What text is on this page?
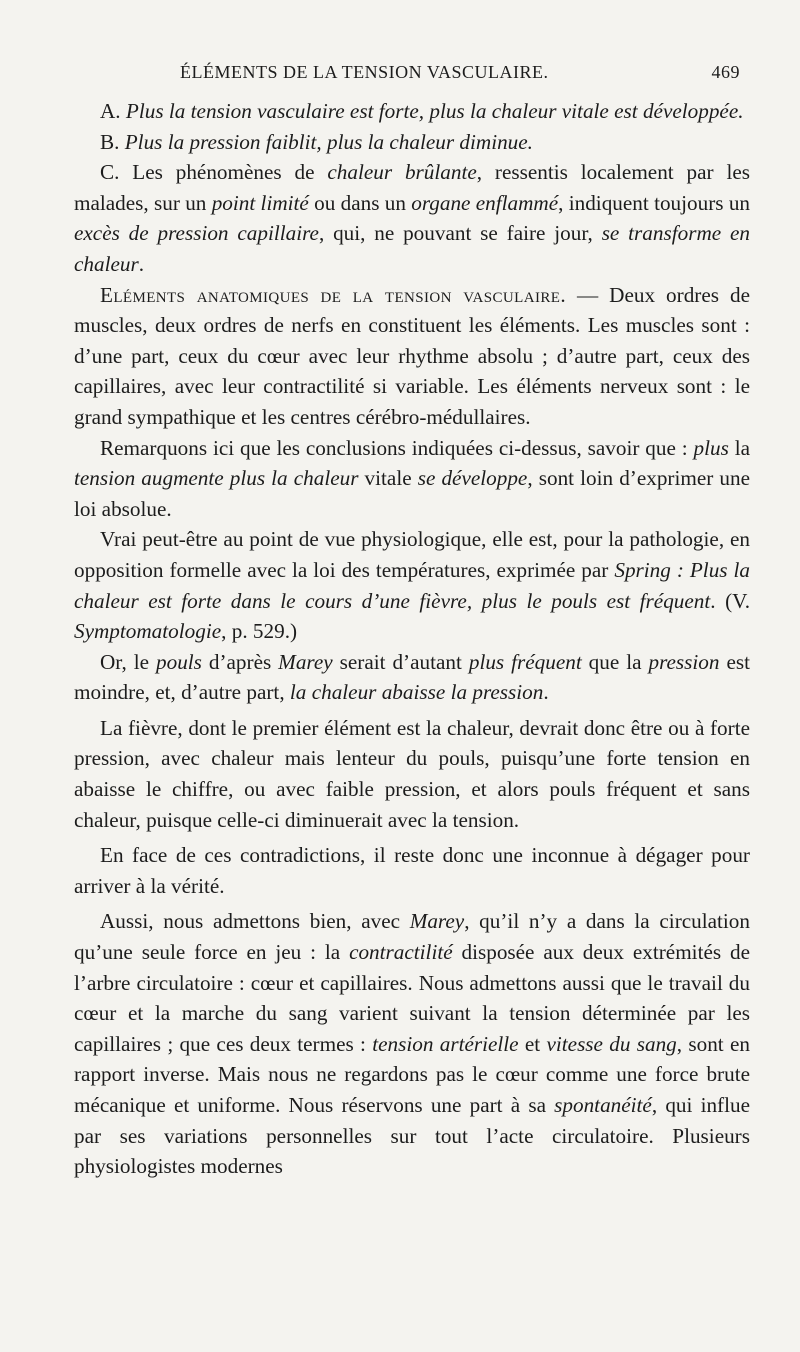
ÉLÉMENTS DE LA TENSION VASCULAIRE.	469

A. Plus la tension vasculaire est forte, plus la chaleur vitale est développée.

B. Plus la pression faiblit, plus la chaleur diminue.

C. Les phénomènes de chaleur brûlante, ressentis localement par les malades, sur un point limité ou dans un organe enflammé, indiquent toujours un excès de pression capillaire, qui, ne pouvant se faire jour, se transforme en chaleur.

Eléments anatomiques de la tension vasculaire. — Deux ordres de muscles, deux ordres de nerfs en constituent les éléments. Les muscles sont : d’une part, ceux du cœur avec leur rhythme absolu ; d’autre part, ceux des capillaires, avec leur contractilité si variable. Les éléments nerveux sont : le grand sympathique et les centres cérébro-médullaires.

Remarquons ici que les conclusions indiquées ci-dessus, savoir que : plus la tension augmente plus la chaleur vitale se développe, sont loin d’exprimer une loi absolue.

Vrai peut-être au point de vue physiologique, elle est, pour la pathologie, en opposition formelle avec la loi des températures, exprimée par Spring : Plus la chaleur est forte dans le cours d’une fièvre, plus le pouls est fréquent. (V. Symptomatologie, p. 529.)

Or, le pouls d’après Marey serait d’autant plus fréquent que la pression est moindre, et, d’autre part, la chaleur abaisse la pression.

La fièvre, dont le premier élément est la chaleur, devrait donc être ou à forte pression, avec chaleur mais lenteur du pouls, puisqu’une forte tension en abaisse le chiffre, ou avec faible pression, et alors pouls fréquent et sans chaleur, puisque celle-ci diminuerait avec la tension.

En face de ces contradictions, il reste donc une inconnue à dégager pour arriver à la vérité.

Aussi, nous admettons bien, avec Marey, qu’il n’y a dans la circulation qu’une seule force en jeu : la contractilité disposée aux deux extrémités de l’arbre circulatoire : cœur et capillaires. Nous admettons aussi que le travail du cœur et la marche du sang varient suivant la tension déterminée par les capillaires ; que ces deux termes : tension artérielle et vitesse du sang, sont en rapport inverse. Mais nous ne regardons pas le cœur comme une force brute mécanique et uniforme. Nous réservons une part à sa spontanéité, qui influe par ses variations personnelles sur tout l’acte circulatoire. Plusieurs physiologistes modernes
